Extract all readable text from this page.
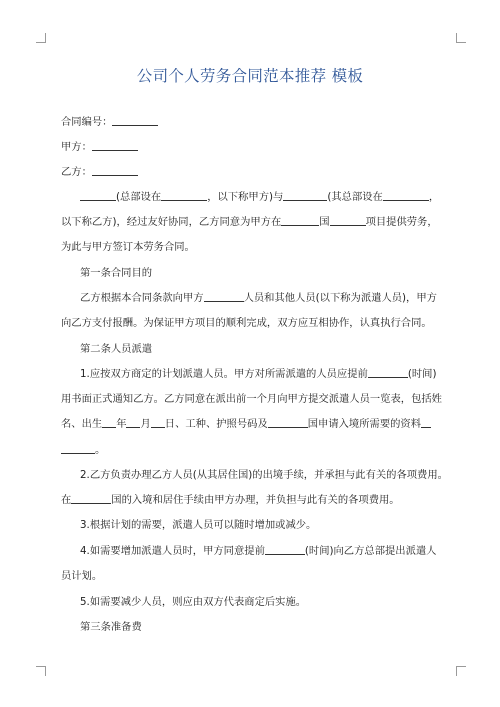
公司个人劳务合同范本推荐 模板
合同编号：
甲方：
乙方：
(总部设在	，以下称甲方)与	(其总部设在	，
以下称乙方)，经过友好协同，乙方同意为甲方在	国	项目提供劳务，
为此与甲方签订本劳务合同。
第一条合同目的
乙方根据本合同条款向甲方	人员和其他人员(以下称为派遣人员)，甲方
向乙方支付报酬。为保证甲方项目的顺利完成，双方应互相协作，认真执行合同。
第二条人员派遣
1.应按双方商定的计划派遣人员。甲方对所需派遣的人员应提前	(时间)
用书面正式通知乙方。乙方同意在派出前一个月向甲方提交派遣人员一览表，包括姓
名、出生 年 月 日、工种、护照号码及	国申请入境所需要的资料
。
2.乙方负责办理乙方人员(从其居住国)的出境手续，并承担与此有关的各项费用。
在	国的入境和居住手续由甲方办理，并负担与此有关的各项费用。
3.根据计划的需要，派遣人员可以随时增加或减少。
4.如需要增加派遣人员时，甲方同意提前	(时间)向乙方总部提出派遣人
员计划。
5.如需要减少人员，则应由双方代表商定后实施。
第三条准备费
